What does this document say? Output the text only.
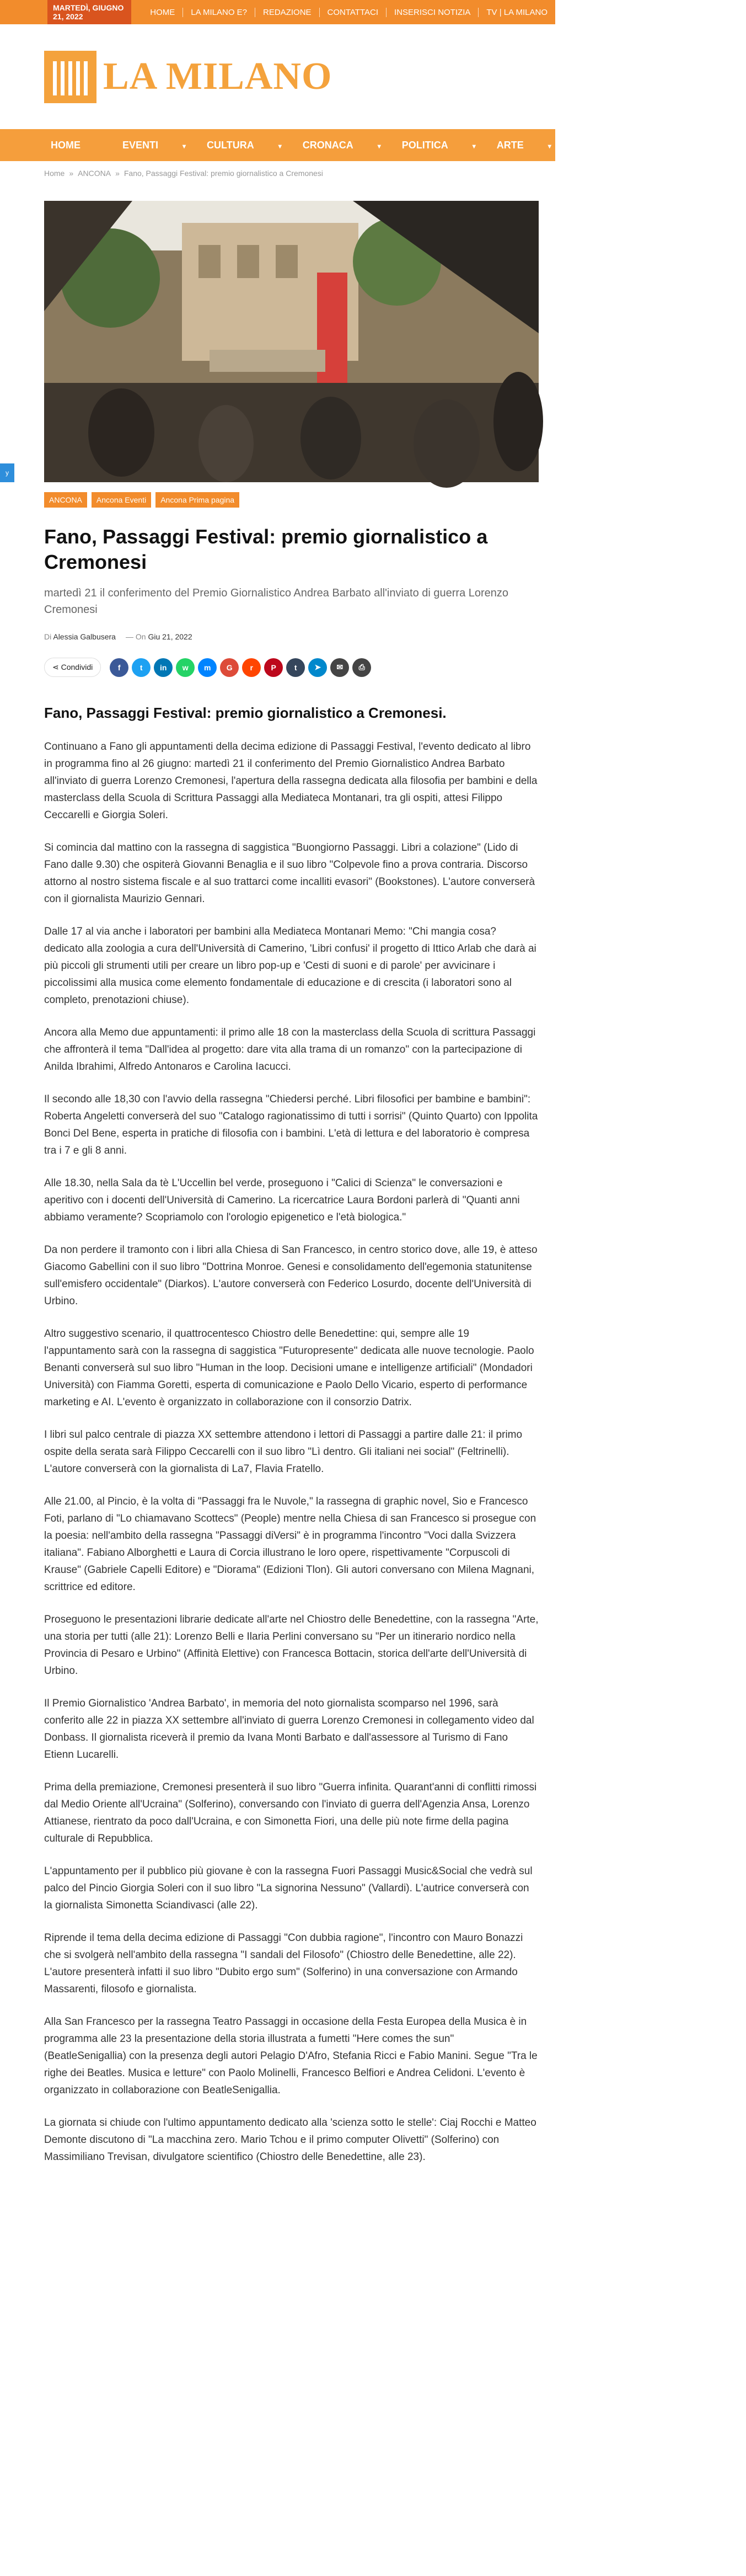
MARTEDÌ, GIUGNO 21, 2022	HOME	LA MILANO E?	REDAZIONE	CONTATTACI	INSERISCI NOTIZIA	TV | LA MILANO
LA MILANO
HOME	EVENTI	▾ CULTURA	▾ CRONACA	▾ POLITICA	▾ ARTE	▾ LIFESTYLE	▾ FASHION	▾
Home » ANCONA » Fano, Passaggi Festival: premio giornalistico a Cremonesi
y
ANCONA	Ancona Eventi	Ancona Prima pagina
Fano, Passaggi Festival: premio giornalistico a Cremonesi

martedì 21 il conferimento del Premio Giornalistico Andrea Barbato all'inviato di guerra Lorenzo Cremonesi

Di Alessia Galbusera — On Giu 21, 2022
⋖ Condividi	f	t	in	w	m	G	r	P	t	➤	✉	⎙
Fano, Passaggi Festival: premio giornalistico a Cremonesi.

Continuano a Fano gli appuntamenti della decima edizione di Passaggi Festival, l'evento dedicato al libro in programma fino al 26 giugno: martedì 21 il conferimento del Premio Giornalistico Andrea Barbato all'inviato di guerra Lorenzo Cremonesi, l'apertura della rassegna dedicata alla filosofia per bambini e della masterclass della Scuola di Scrittura Passaggi alla Mediateca Montanari, tra gli ospiti, attesi Filippo Ceccarelli e Giorgia Soleri.

Si comincia dal mattino con la rassegna di saggistica "Buongiorno Passaggi. Libri a colazione" (Lido di Fano dalle 9.30) che ospiterà Giovanni Benaglia e il suo libro "Colpevole fino a prova contraria. Discorso attorno al nostro sistema fiscale e al suo trattarci come incalliti evasori" (Bookstones). L'autore converserà con il giornalista Maurizio Gennari.

Dalle 17 al via anche i laboratori per bambini alla Mediateca Montanari Memo: "Chi mangia cosa? dedicato alla zoologia a cura dell'Università di Camerino, 'Libri confusi' il progetto di Ittico Arlab che darà ai più piccoli gli strumenti utili per creare un libro pop-up e 'Cesti di suoni e di parole' per avvicinare i piccolissimi alla musica come elemento fondamentale di educazione e di crescita (i laboratori sono al completo, prenotazioni chiuse).

Ancora alla Memo due appuntamenti: il primo alle 18 con la masterclass della Scuola di scrittura Passaggi che affronterà il tema "Dall'idea al progetto: dare vita alla trama di un romanzo" con la partecipazione di Anilda Ibrahimi, Alfredo Antonaros e Carolina Iacucci.

Il secondo alle 18,30 con l'avvio della rassegna "Chiedersi perché. Libri filosofici per bambine e bambini": Roberta Angeletti converserà del suo "Catalogo ragionatissimo di tutti i sorrisi" (Quinto Quarto) con Ippolita Bonci Del Bene, esperta in pratiche di filosofia con i bambini. L'età di lettura e del laboratorio è compresa tra i 7 e gli 8 anni.

Alle 18.30, nella Sala da tè L'Uccellin bel verde, proseguono i "Calici di Scienza" le conversazioni e aperitivo con i docenti dell'Università di Camerino. La ricercatrice Laura Bordoni parlerà di "Quanti anni abbiamo veramente? Scopriamolo con l'orologio epigenetico e l'età biologica."

Da non perdere il tramonto con i libri alla Chiesa di San Francesco, in centro storico dove, alle 19, è atteso Giacomo Gabellini con il suo libro "Dottrina Monroe. Genesi e consolidamento dell'egemonia statunitense sull'emisfero occidentale" (Diarkos). L'autore converserà con Federico Losurdo, docente dell'Università di Urbino.

Altro suggestivo scenario, il quattrocentesco Chiostro delle Benedettine: qui, sempre alle 19 l'appuntamento sarà con la rassegna di saggistica "Futuropresente" dedicata alle nuove tecnologie. Paolo Benanti converserà sul suo libro "Human in the loop. Decisioni umane e intelligenze artificiali" (Mondadori Università) con Fiamma Goretti, esperta di comunicazione e Paolo Dello Vicario, esperto di performance marketing e AI. L'evento è organizzato in collaborazione con il consorzio Datrix.

I libri sul palco centrale di piazza XX settembre attendono i lettori di Passaggi a partire dalle 21: il primo ospite della serata sarà Filippo Ceccarelli con il suo libro "Lì dentro. Gli italiani nei social" (Feltrinelli). L'autore converserà con la giornalista di La7, Flavia Fratello.

Alle 21.00, al Pincio, è la volta di "Passaggi fra le Nuvole," la rassegna di graphic novel, Sio e Francesco Foti, parlano di "Lo chiamavano Scottecs" (People) mentre nella Chiesa di san Francesco si prosegue con la poesia: nell'ambito della rassegna "Passaggi diVersi" è in programma l'incontro "Voci dalla Svizzera italiana". Fabiano Alborghetti e Laura di Corcia illustrano le loro opere, rispettivamente "Corpuscoli di Krause" (Gabriele Capelli Editore) e "Diorama" (Edizioni Tlon). Gli autori conversano con Milena Magnani, scrittrice ed editore.

Proseguono le presentazioni librarie dedicate all'arte nel Chiostro delle Benedettine, con la rassegna "Arte, una storia per tutti (alle 21): Lorenzo Belli e Ilaria Perlini conversano su "Per un itinerario nordico nella Provincia di Pesaro e Urbino" (Affinità Elettive) con Francesca Bottacin, storica dell'arte dell'Università di Urbino.

Il Premio Giornalistico 'Andrea Barbato', in memoria del noto giornalista scomparso nel 1996, sarà conferito alle 22 in piazza XX settembre all'inviato di guerra Lorenzo Cremonesi in collegamento video dal Donbass. Il giornalista riceverà il premio da Ivana Monti Barbato e dall'assessore al Turismo di Fano Etienn Lucarelli.

Prima della premiazione, Cremonesi presenterà il suo libro "Guerra infinita. Quarant'anni di conflitti rimossi dal Medio Oriente all'Ucraina" (Solferino), conversando con l'inviato di guerra dell'Agenzia Ansa, Lorenzo Attianese, rientrato da poco dall'Ucraina, e con Simonetta Fiori, una delle più note firme della pagina culturale di Repubblica.

L'appuntamento per il pubblico più giovane è con la rassegna Fuori Passaggi Music&Social che vedrà sul palco del Pincio Giorgia Soleri con il suo libro "La signorina Nessuno" (Vallardi). L'autrice converserà con la giornalista Simonetta Sciandivasci (alle 22).

Riprende il tema della decima edizione di Passaggi "Con dubbia ragione", l'incontro con Mauro Bonazzi che si svolgerà nell'ambito della rassegna "I sandali del Filosofo" (Chiostro delle Benedettine, alle 22). L'autore presenterà infatti il suo libro "Dubito ergo sum" (Solferino) in una conversazione con Armando Massarenti, filosofo e giornalista.

Alla San Francesco per la rassegna Teatro Passaggi in occasione della Festa Europea della Musica è in programma alle 23 la presentazione della storia illustrata a fumetti "Here comes the sun" (BeatleSenigallia) con la presenza degli autori Pelagio D'Afro, Stefania Ricci e Fabio Manini. Segue "Tra le righe dei Beatles. Musica e letture" con Paolo Molinelli, Francesco Belfiori e Andrea Celidoni. L'evento è organizzato in collaborazione con BeatleSenigallia.

La giornata si chiude con l'ultimo appuntamento dedicato alla 'scienza sotto le stelle': Ciaj Rocchi e Matteo Demonte discutono di "La macchina zero. Mario Tchou e il primo computer Olivetti" (Solferino) con Massimiliano Trevisan, divulgatore scientifico (Chiostro delle Benedettine, alle 23).
